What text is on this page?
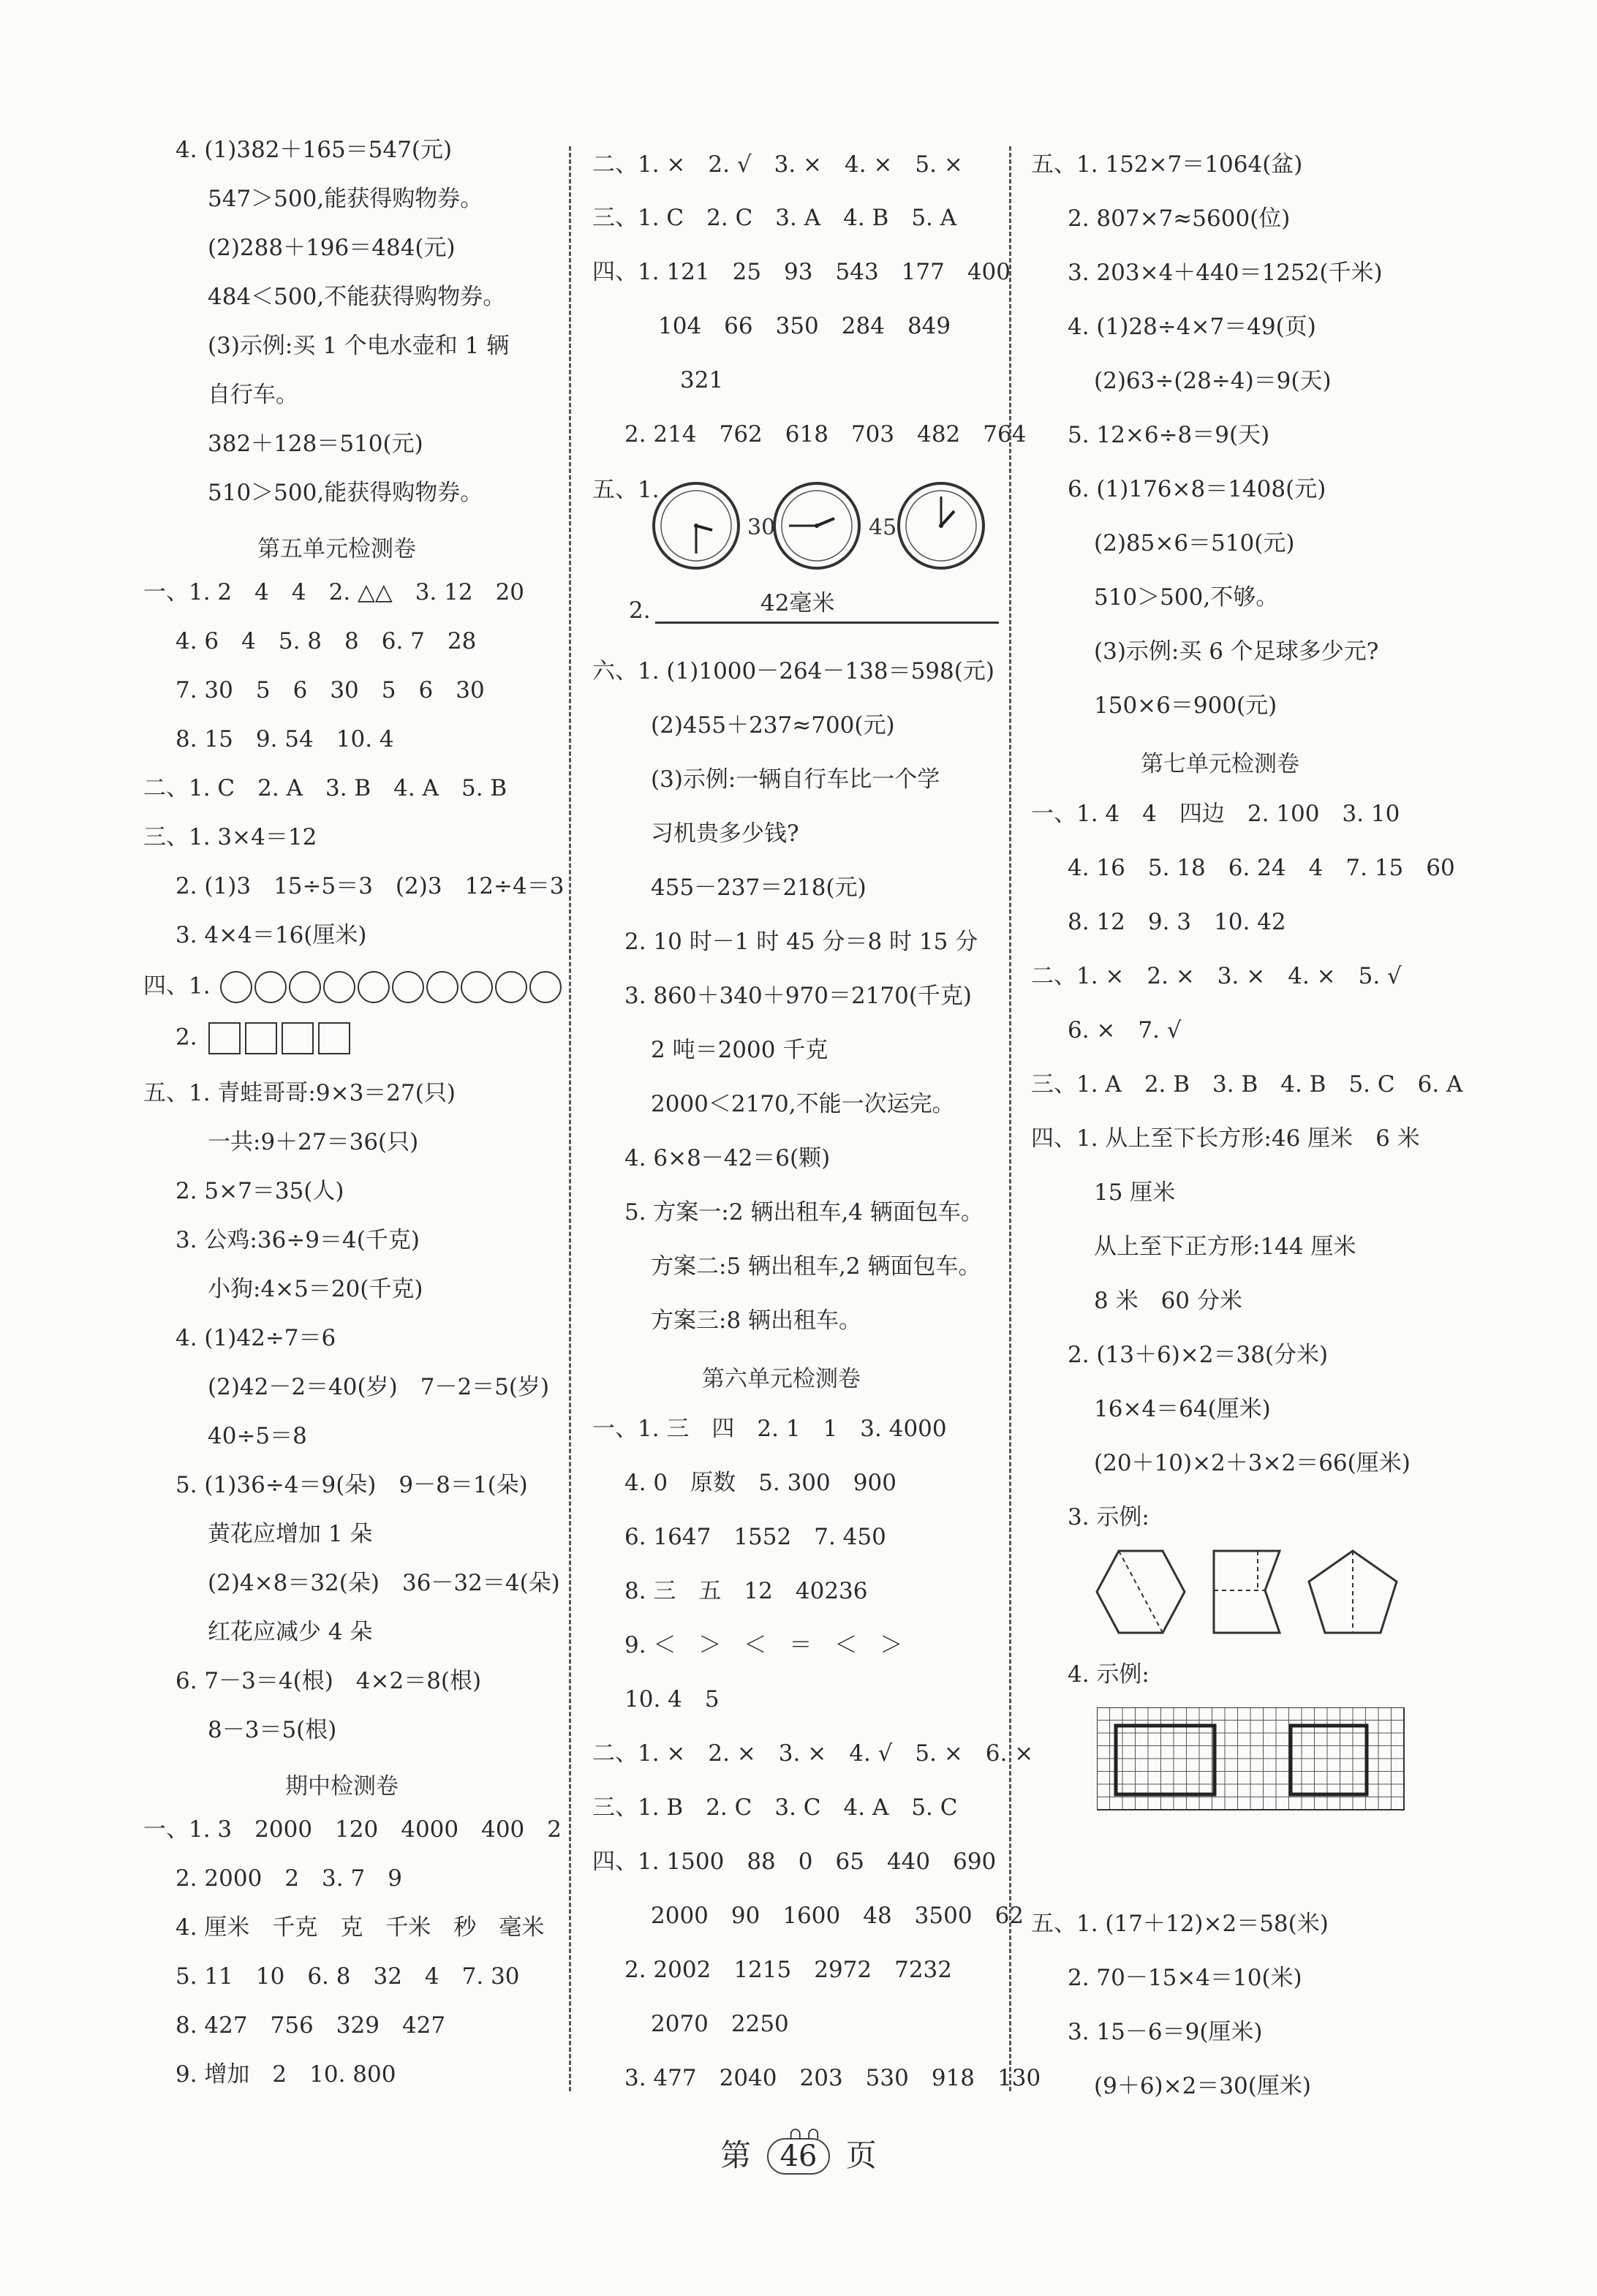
4. (1)382＋165＝547(元)
547＞500,能获得购物券。
(2)288＋196＝484(元)
484＜500,不能获得购物券。
(3)示例:买 1 个电水壶和 1 辆
自行车。
382＋128＝510(元)
510＞500,能获得购物券。
第五单元检测卷
一、1. 2　4　4　2. △△　3. 12　20
4. 6　4　5. 8　8　6. 7　28
7. 30　5　6　30　5　6　30
8. 15　9. 54　10. 4
二、1. C　2. A　3. B　4. A　5. B
三、1. 3×4＝12
2. (1)3　15÷5＝3　(2)3　12÷4＝3
3. 4×4＝16(厘米)
四、1.
2.
五、1. 青蛙哥哥:9×3＝27(只)
一共:9＋27＝36(只)
2. 5×7＝35(人)
3. 公鸡:36÷9＝4(千克)
小狗:4×5＝20(千克)
4. (1)42÷7＝6
(2)42－2＝40(岁)　7－2＝5(岁)
40÷5＝8
5. (1)36÷4＝9(朵)　9－8＝1(朵)
黄花应增加 1 朵
(2)4×8＝32(朵)　36－32＝4(朵)
红花应减少 4 朵
6. 7－3＝4(根)　4×2＝8(根)
8－3＝5(根)
期中检测卷
一、1. 3　2000　120　4000　400　2
2. 2000　2　3. 7　9
4. 厘米　千克　克　千米　秒　毫米
5. 11　10　6. 8　32　4　7. 30
8. 427　756　329　427
9. 增加　2　10. 800
二、1. ×　2. √　3. ×　4. ×　5. ×
三、1. C　2. C　3. A　4. B　5. A
四、1. 121　25　93　543　177　400
104　66　350　284　849
321
2. 214　762　618　703　482　764
五、1.
30	45
2.	42毫米
六、1. (1)1000－264－138＝598(元)
(2)455＋237≈700(元)
(3)示例:一辆自行车比一个学
习机贵多少钱?
455－237＝218(元)
2. 10 时－1 时 45 分＝8 时 15 分
3. 860＋340＋970＝2170(千克)
2 吨＝2000 千克
2000＜2170,不能一次运完。
4. 6×8－42＝6(颗)
5. 方案一:2 辆出租车,4 辆面包车。
方案二:5 辆出租车,2 辆面包车。
方案三:8 辆出租车。
第六单元检测卷
一、1. 三　四　2. 1　1　3. 4000
4. 0　原数　5. 300　900
6. 1647　1552　7. 450
8. 三　五　12　40236
9. ＜　＞　＜　＝　＜　＞
10. 4　5
二、1. ×　2. ×　3. ×　4. √　5. ×　6. ×
三、1. B　2. C　3. C　4. A　5. C
四、1. 1500　88　0　65　440　690
2000　90　1600　48　3500　62
2. 2002　1215　2972　7232
2070　2250
3. 477　2040　203　530　918　130
五、1. 152×7＝1064(盆)
2. 807×7≈5600(位)
3. 203×4＋440＝1252(千米)
4. (1)28÷4×7＝49(页)
(2)63÷(28÷4)＝9(天)
5. 12×6÷8＝9(天)
6. (1)176×8＝1408(元)
(2)85×6＝510(元)
510＞500,不够。
(3)示例:买 6 个足球多少元?
150×6＝900(元)
第七单元检测卷
一、1. 4　4　四边　2. 100　3. 10
4. 16　5. 18　6. 24　4　7. 15　60
8. 12　9. 3　10. 42
二、1. ×　2. ×　3. ×　4. ×　5. √
6. ×　7. √
三、1. A　2. B　3. B　4. B　5. C　6. A
四、1. 从上至下长方形:46 厘米　6 米
15 厘米
从上至下正方形:144 厘米
8 米　60 分米
2. (13＋6)×2＝38(分米)
16×4＝64(厘米)
(20＋10)×2＋3×2＝66(厘米)
3. 示例:
4. 示例:
五、1. (17＋12)×2＝58(米)
2. 70－15×4＝10(米)
3. 15－6＝9(厘米)
(9＋6)×2＝30(厘米)
第
∩∩
46 页
